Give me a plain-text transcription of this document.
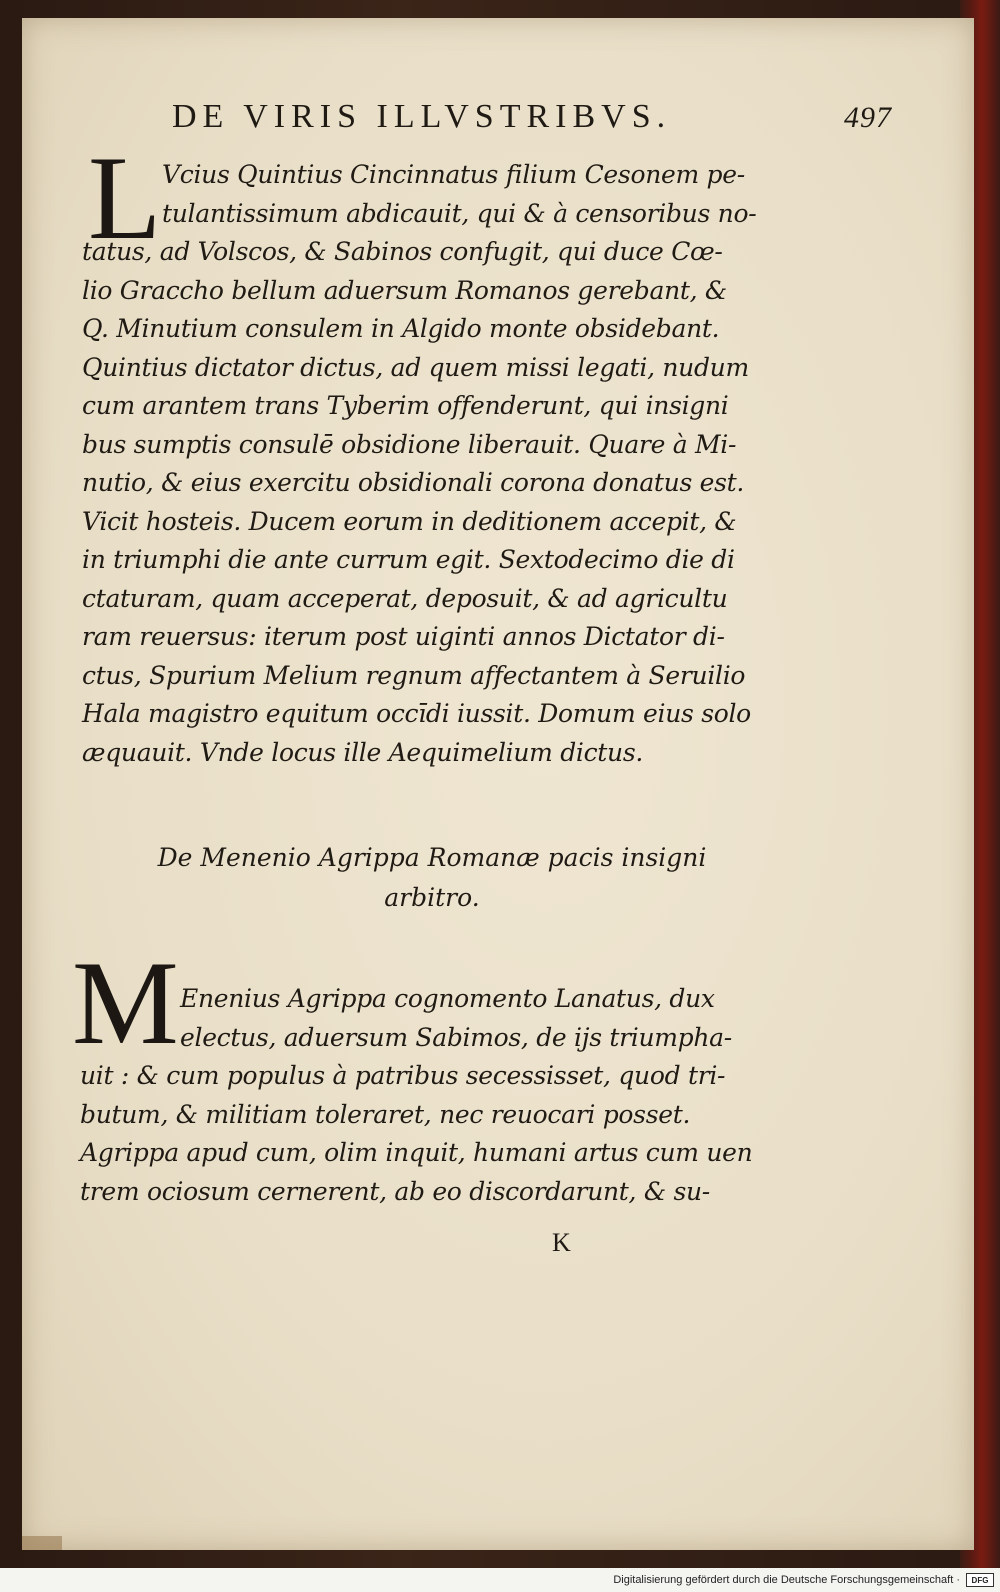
DE VIRIS ILLVSTRIBVS.	497
L Vcius Quintius Cincinnatus filium Cesonem pe-
tulantissimum abdicauit, qui & à censoribus no-
tatus, ad Volscos, & Sabinos confugit, qui duce Cœ-
lio Graccho bellum aduersum Romanos gerebant, &
Q. Minutium consulem in Algido monte obsidebant.
Quintius dictator dictus, ad quem missi legati, nudum
cum arantem trans Tyberim offenderunt, qui insigni
bus sumptis consulē obsidione liberauit. Quare à Mi-
nutio, & eius exercitu obsidionali corona donatus est.
Vicit hosteis. Ducem eorum in deditionem accepit, &
in triumphi die ante currum egit. Sextodecimo die di
ctaturam, quam acceperat, deposuit, & ad agricultu
ram reuersus: iterum post uiginti annos Dictator di-
ctus, Spurium Melium regnum affectantem à Seruilio
Hala magistro equitum occīdi iussit. Domum eius solo
æquauit. Vnde locus ille Aequimelium dictus.
De Menenio Agrippa Romanæ pacis insigni
arbitro.
M Enenius Agrippa cognomento Lanatus, dux
electus, aduersum Sabimos, de ijs triumpha-
uit : & cum populus à patribus secessisset, quod tri-
butum, & militiam toleraret, nec reuocari posset.
Agrippa apud cum, olim inquit, humani artus cum uen
trem ociosum cernerent, ab eo discordarunt, & su-
K
Digitalisierung gefördert durch die Deutsche Forschungsgemeinschaft ·	DFG
